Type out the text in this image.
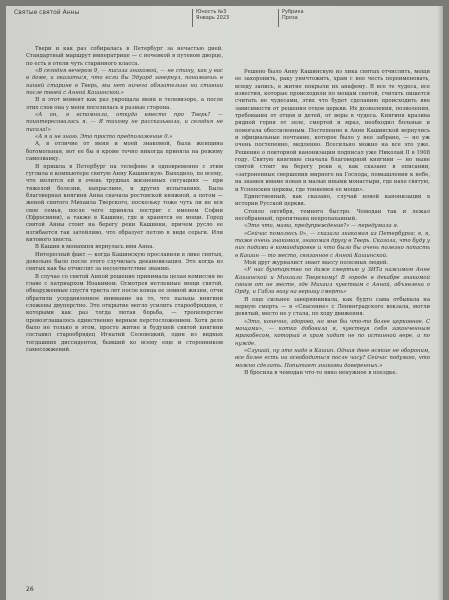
Святые святой Анны	Юность №3
Январь 2023
Рубрика
Проза

Твери и как раз собиралась в Петербург за нечастью дней. Стандартный маршрут императрице — с ночевкой в путевом дворце, по есть в отели чуть старинного класса.

«В сегодня вечером 9, — писала знакомой, — не стану, как у вас в доме, а оказаться, что если бы Эдуард завернул, понимаешь в нашей старине в Тверь, мы нет ничего обязательно ни ставши после твоей с Анной Кашинской.»

Я в этот момент как раз укрощала меня в телевизоре, а после этих слов она у меня поселилась в разные сторона.

«А он, я вспомнила, откуда вместо про Тверь? — поинтересовалась я. — Я тихому не рассказывала, и сегодня не писала!»

«А я и не знаю. Это просто предположение 0.»

А, в отличие от меня и моей знакомой, была женщина богомольная, вот ее бы я кроме точно никогда приняла на режиму самозванку.

Я пришла в Петербург на телефоне в одновременно с этим гуглила в компьютере святую Анну Кашинскую. Выходило, по всему, что молится ей в очень трудных жизненных ситуациях — при тяжелой болезни, напраслине, и других испытаниях. Была благоверная княгиня Анна сначала ростовской княжной, а потом — женой святого Михаила Тверского, поскольку тоже чуть ли не вся свое семья, после чего приняла постриг с именем Софии (Ефросинии), а также в Кашине, где и хранятся ее мощи. Город святой Анны стоит на берегу реки Кашинки, причем русло ее изгибается так затейливо, что образует петлю в виде серьги. Или китового хвоста.

В Кашин в монахиня вернулась имя Анна.

Интересный факт — когда Кашинскую прославили в лике святых, довольно было после этого случилась декановизация. Это когда из святых как бы отчислят за несоответствие званию.

В случае со святой Анной решение принимала целая комиссия во главе с патриархом Иоакимом. Осмотрев нетленные мощи святой, обнаруженные спустя триста лет после конца ее земной жизни, отчи обратили усердивленное внимание на то, что пальцы княгини сложены двуперстно. Это открытие могло усилить старообрядцев, с которыми как раз тогда лютая борьба, — тропеперстие провозглашалось единственно верным перстосложением. Хотя дело было не только в этом, просто житие и будущей святой княгини составил старообрядец Игнатий Соловецкий, один из видных тогдашних диссидентов, бывший ко всему еще и сторонником самосожжений.

Решено было Анну Кашинскую из ликa святых отчислить, мощи ее захоронить, раку уничтожить, храм с нее честь переименовать, всюду запись, в житие покрыли их анафему. Я все те чудеса, все известия, которые происходили по мощам святой, считать пишется считать не чудесами, этих что будет сделанию происходить вне зависимости от решения отцов церкви. Их дозволения, позволения, требования от отцов и детей, от веры в чудеса. Княгиня кразива рядной горня от зеле, смертей и мраз, необходил больные и помогала обессиленным. Постепенно к Анне Кашинской вернулись и официальные почтание, которое было у нее забрано, — но уж очень постепенно, медленно. Всесильно можно на все это уже. Решение о повторной канонизации подписал уже Николай II в 1908 году. Святую княгиню сначала благоверной княгини — но ныне святой стоит на берегу реки в, как сказано в описании, «затроненные свершения мирного на Господа, помышления к небе, на знамен имаме новая и малые иными монастыри, где нахо святую, и Успенския церквы, где тоннемен ее мощи».

Единственный, как сказано, случай новой канонизации в истории Русской церкви.

Стояло октября, темного быстро. Чемодан так и лежал несобранный, пропятнана непропаханный.

«Это что, мама, предупреждение?» — передумала я.

«Сейчас помолюсь 0», — сказала знакомая из Петербурга; я, я, тоже очень знакомая, знакомая другу в Тверь. Сказала, что буду у них подими в командировке и что было бы очень полезно попасть в Кашин — то место, связанное с Анной Кашинской.

Мой друг журналист знает массу полезных людей.

«У нас бунтарство по даже смертью у ЗИТа нажимом Анне Кашинской и Михаила Тверскому! В городе в декабре знакомой своим от не месте, где Михаил чувствам с Анной, объявлена о Орду, и Гибли возу на вершиу смерть»

Я еще сильнее заверюннивала, как будто сама отбывала на верную смерть — в «Спасение» с Ленинградского вокзала, могли девятый, место не у стала, по ходу движения.

«Это, конечно, здорово, но мне бы что-то более церковное. С мощами», — котко добавила я, чувствуя себя законченным мракобесом, который в храм ходит не по истинной вере, а по нужде.

«Слушай, ну это надо в Кашин. Одная двое всякие не обороним, все более есть ни освободиться после часу? Сейчас подумаю, что можно сделать. Попытает знакомы доверенных.»

Я бросила в чемодан что-то явно ненужное в поездке.

26
